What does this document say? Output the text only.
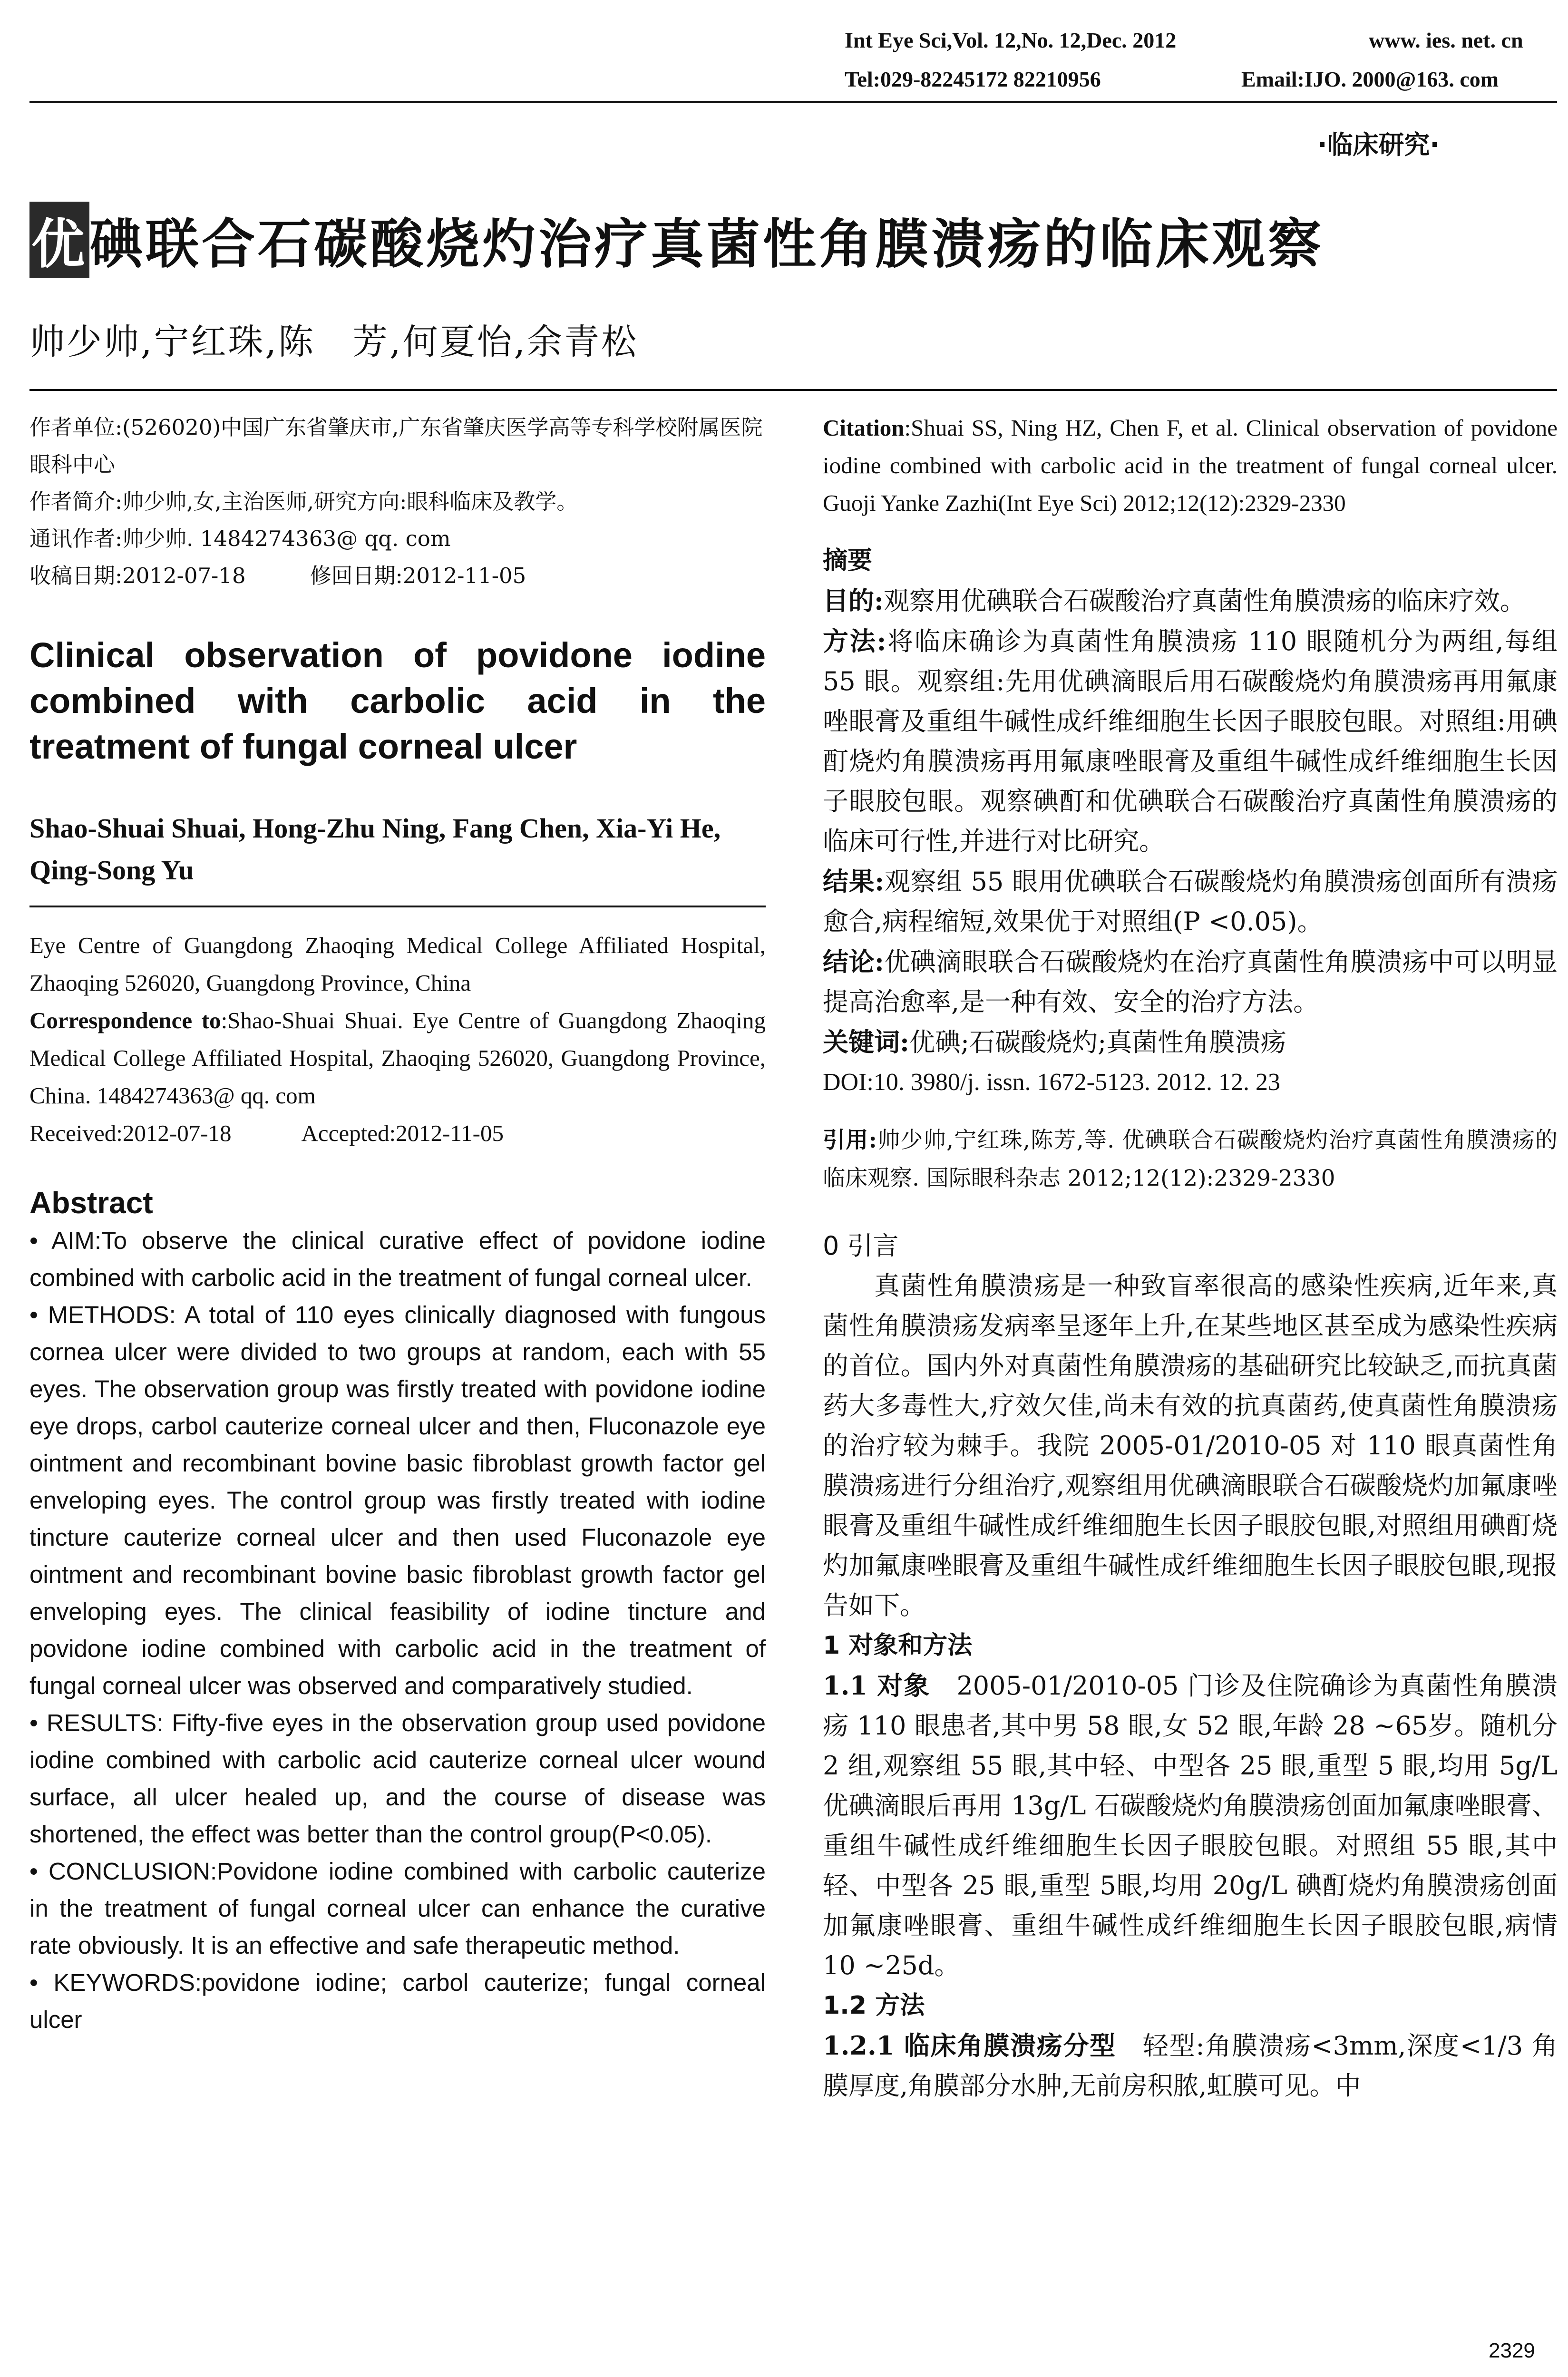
Int Eye Sci,Vol. 12,No. 12,Dec. 2012	www. ies. net. cn
Tel:029-82245172 82210956	Email:IJO. 2000@163. com
·临床研究·
优碘联合石碳酸烧灼治疗真菌性角膜溃疡的临床观察
帅少帅,宁红珠,陈　芳,何夏怡,余青松

作者单位:(526020)中国广东省肇庆市,广东省肇庆医学高等专科学校附属医院眼科中心

作者简介:帅少帅,女,主治医师,研究方向:眼科临床及教学。

通讯作者:帅少帅. 1484274363@ qq. com

收稿日期:2012-07-18　　　修回日期:2012-11-05

Clinical observation of povidone iodine combined with carbolic acid in the treatment of fungal corneal ulcer

Shao-Shuai Shuai, Hong-Zhu Ning, Fang Chen, Xia-Yi He, Qing-Song Yu

Eye Centre of Guangdong Zhaoqing Medical College Affiliated Hospital, Zhaoqing 526020, Guangdong Province, China

Correspondence to:Shao-Shuai Shuai. Eye Centre of Guangdong Zhaoqing Medical College Affiliated Hospital, Zhaoqing 526020, Guangdong Province, China. 1484274363@ qq. com

Received:2012-07-18　　　Accepted:2012-11-05

Abstract

• AIM:To observe the clinical curative effect of povidone iodine combined with carbolic acid in the treatment of fungal corneal ulcer.

• METHODS: A total of 110 eyes clinically diagnosed with fungous cornea ulcer were divided to two groups at random, each with 55 eyes. The observation group was firstly treated with povidone iodine eye drops, carbol cauterize corneal ulcer and then, Fluconazole eye ointment and recombinant bovine basic fibroblast growth factor gel enveloping eyes. The control group was firstly treated with iodine tincture cauterize corneal ulcer and then used Fluconazole eye ointment and recombinant bovine basic fibroblast growth factor gel enveloping eyes. The clinical feasibility of iodine tincture and povidone iodine combined with carbolic acid in the treatment of fungal corneal ulcer was observed and comparatively studied.

• RESULTS: Fifty-five eyes in the observation group used povidone iodine combined with carbolic acid cauterize corneal ulcer wound surface, all ulcer healed up, and the course of disease was shortened, the effect was better than the control group(P<0.05).

• CONCLUSION:Povidone iodine combined with carbolic cauterize in the treatment of fungal corneal ulcer can enhance the curative rate obviously. It is an effective and safe therapeutic method.

• KEYWORDS:povidone iodine; carbol cauterize; fungal corneal ulcer

Citation:Shuai SS, Ning HZ, Chen F, et al. Clinical observation of povidone iodine combined with carbolic acid in the treatment of fungal corneal ulcer. Guoji Yanke Zazhi(Int Eye Sci) 2012;12(12):2329-2330

摘要

目的:观察用优碘联合石碳酸治疗真菌性角膜溃疡的临床疗效。

方法:将临床确诊为真菌性角膜溃疡 110 眼随机分为两组,每组 55 眼。观察组:先用优碘滴眼后用石碳酸烧灼角膜溃疡再用氟康唑眼膏及重组牛碱性成纤维细胞生长因子眼胶包眼。对照组:用碘酊烧灼角膜溃疡再用氟康唑眼膏及重组牛碱性成纤维细胞生长因子眼胶包眼。观察碘酊和优碘联合石碳酸治疗真菌性角膜溃疡的临床可行性,并进行对比研究。

结果:观察组 55 眼用优碘联合石碳酸烧灼角膜溃疡创面所有溃疡愈合,病程缩短,效果优于对照组(P <0.05)。

结论:优碘滴眼联合石碳酸烧灼在治疗真菌性角膜溃疡中可以明显提高治愈率,是一种有效、安全的治疗方法。

关键词:优碘;石碳酸烧灼;真菌性角膜溃疡

DOI:10. 3980/j. issn. 1672-5123. 2012. 12. 23

引用:帅少帅,宁红珠,陈芳,等. 优碘联合石碳酸烧灼治疗真菌性角膜溃疡的临床观察. 国际眼科杂志 2012;12(12):2329-2330

0 引言

真菌性角膜溃疡是一种致盲率很高的感染性疾病,近年来,真菌性角膜溃疡发病率呈逐年上升,在某些地区甚至成为感染性疾病的首位。国内外对真菌性角膜溃疡的基础研究比较缺乏,而抗真菌药大多毒性大,疗效欠佳,尚未有效的抗真菌药,使真菌性角膜溃疡的治疗较为棘手。我院 2005-01/2010-05 对 110 眼真菌性角膜溃疡进行分组治疗,观察组用优碘滴眼联合石碳酸烧灼加氟康唑眼膏及重组牛碱性成纤维细胞生长因子眼胶包眼,对照组用碘酊烧灼加氟康唑眼膏及重组牛碱性成纤维细胞生长因子眼胶包眼,现报告如下。

1 对象和方法

1.1 对象　2005-01/2010-05 门诊及住院确诊为真菌性角膜溃疡 110 眼患者,其中男 58 眼,女 52 眼,年龄 28 ~65岁。随机分 2 组,观察组 55 眼,其中轻、中型各 25 眼,重型 5 眼,均用 5g/L 优碘滴眼后再用 13g/L 石碳酸烧灼角膜溃疡创面加氟康唑眼膏、重组牛碱性成纤维细胞生长因子眼胶包眼。对照组 55 眼,其中轻、中型各 25 眼,重型 5眼,均用 20g/L 碘酊烧灼角膜溃疡创面加氟康唑眼膏、重组牛碱性成纤维细胞生长因子眼胶包眼,病情 10 ~25d。

1.2 方法

1.2.1 临床角膜溃疡分型　轻型:角膜溃疡<3mm,深度<1/3 角膜厚度,角膜部分水肿,无前房积脓,虹膜可见。中

2329
